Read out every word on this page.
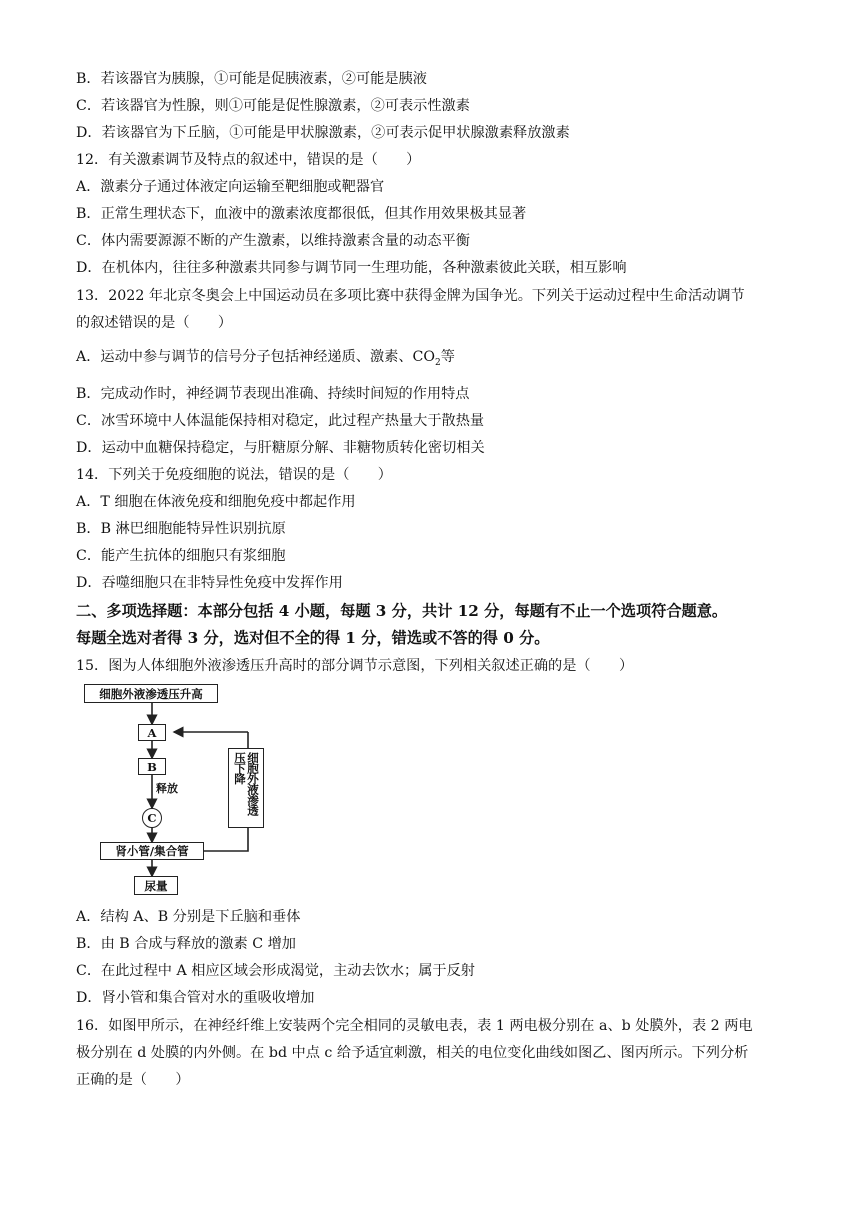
B．若该器官为胰腺，①可能是促胰液素，②可能是胰液
C．若该器官为性腺，则①可能是促性腺激素，②可表示性激素
D．若该器官为下丘脑，①可能是甲状腺激素，②可表示促甲状腺激素释放激素
12．有关激素调节及特点的叙述中，错误的是（　　）
A．激素分子通过体液定向运输至靶细胞或靶器官
B．正常生理状态下，血液中的激素浓度都很低，但其作用效果极其显著
C．体内需要源源不断的产生激素，以维持激素含量的动态平衡
D．在机体内，往往多种激素共同参与调节同一生理功能，各种激素彼此关联，相互影响
13．2022 年北京冬奥会上中国运动员在多项比赛中获得金牌为国争光。下列关于运动过程中生命活动调节
的叙述错误的是（　　）
A．运动中参与调节的信号分子包括神经递质、激素、$CO_2$等
B．完成动作时，神经调节表现出准确、持续时间短的作用特点
C．冰雪环境中人体温能保持相对稳定，此过程产热量大于散热量
D．运动中血糖保持稳定，与肝糖原分解、非糖物质转化密切相关
14．下列关于免疫细胞的说法，错误的是（　　）
A．T 细胞在体液免疫和细胞免疫中都起作用
B．B 淋巴细胞能特异性识别抗原
C．能产生抗体的细胞只有浆细胞
D．吞噬细胞只在非特异性免疫中发挥作用
二、多项选择题：本部分包括 4 小题，每题 3 分，共计 12 分，每题有不止一个选项符合题意。
每题全选对者得 3 分，选对但不全的得 1 分，错选或不答的得 0 分。
15．图为人体细胞外液渗透压升高时的部分调节示意图，下列相关叙述正确的是（　　）
细胞外液渗透压升高
A
B
释放
C
细胞外液渗透压下降
肾小管/集合管
尿量
A．结构 A、B 分别是下丘脑和垂体
B．由 B 合成与释放的激素 C 增加
C．在此过程中 A 相应区域会形成渴觉，主动去饮水；属于反射
D．肾小管和集合管对水的重吸收增加
16．如图甲所示，在神经纤维上安装两个完全相同的灵敏电表，表 1 两电极分别在 a、b 处膜外，表 2 两电
极分别在 d 处膜的内外侧。在 bd 中点 c 给予适宜刺激，相关的电位变化曲线如图乙、图丙所示。下列分析
正确的是（　　）
